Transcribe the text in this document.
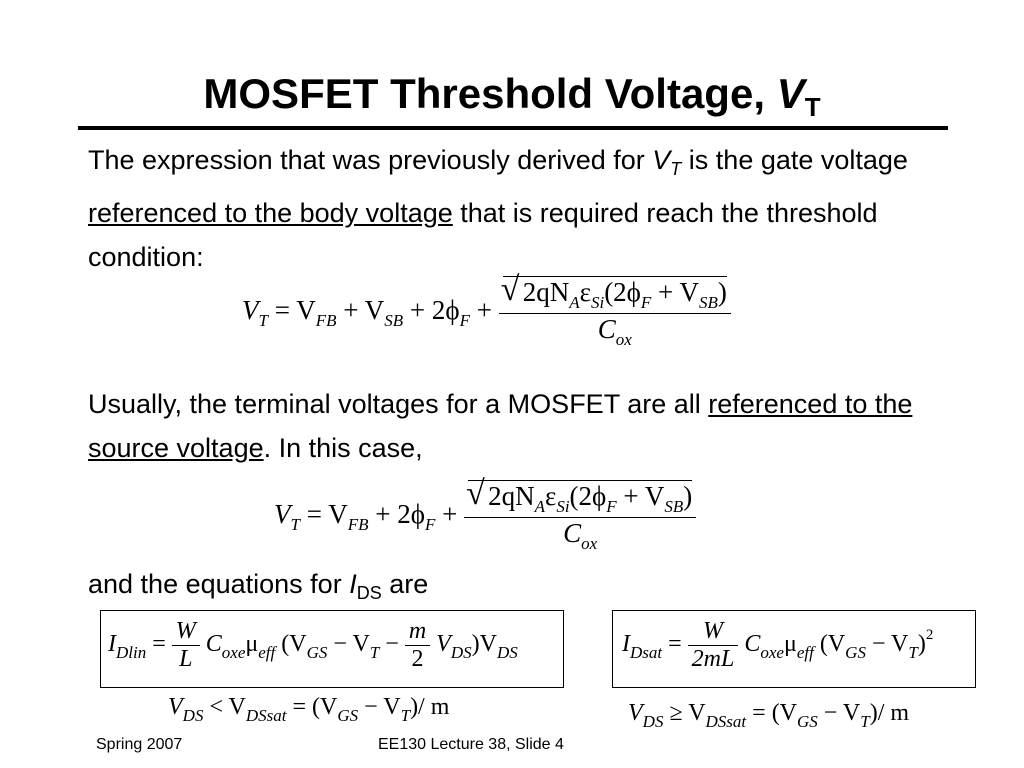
MOSFET Threshold Voltage, $V_T$
The expression that was previously derived for $V_T$ is the gate voltage referenced to the body voltage that is required reach the threshold condition:
$V_T = V_{FB} + V_{SB} + 2\phi_F$ + √ $\frac{2qN_A\varepsilon_{Si}(2\phi_F + V_{SB})}{C_{ox}}$
Usually, the terminal voltages for a MOSFET are all referenced to the source voltage. In this case,
$V_T = V_{FB} + 2\phi_F$ + √ $\frac{2qN_A\varepsilon_{Si}(2\phi_F + V_{SB})}{C_{ox}}$
and the equations for $I_{DS}$ are
$I_{Dlin} = \frac{W}{L} C_{oxe}\mu_{eff}$ $(V_{GS} - V_T - \frac{m}{2} V_{DS})V_{DS}$
$V_{DS} < V_{DSsat} = (V_{GS} - V_T)/$ m
$I_{Dsat} = \frac{W}{2mL} C_{oxe}\mu_{eff}$ $(V_{GS} - V_T)^2$
$V_{DS} \ge V_{DSsat} = (V_{GS} - V_T)/$ m
Spring 2007	EE130 Lecture 38, Slide 4
